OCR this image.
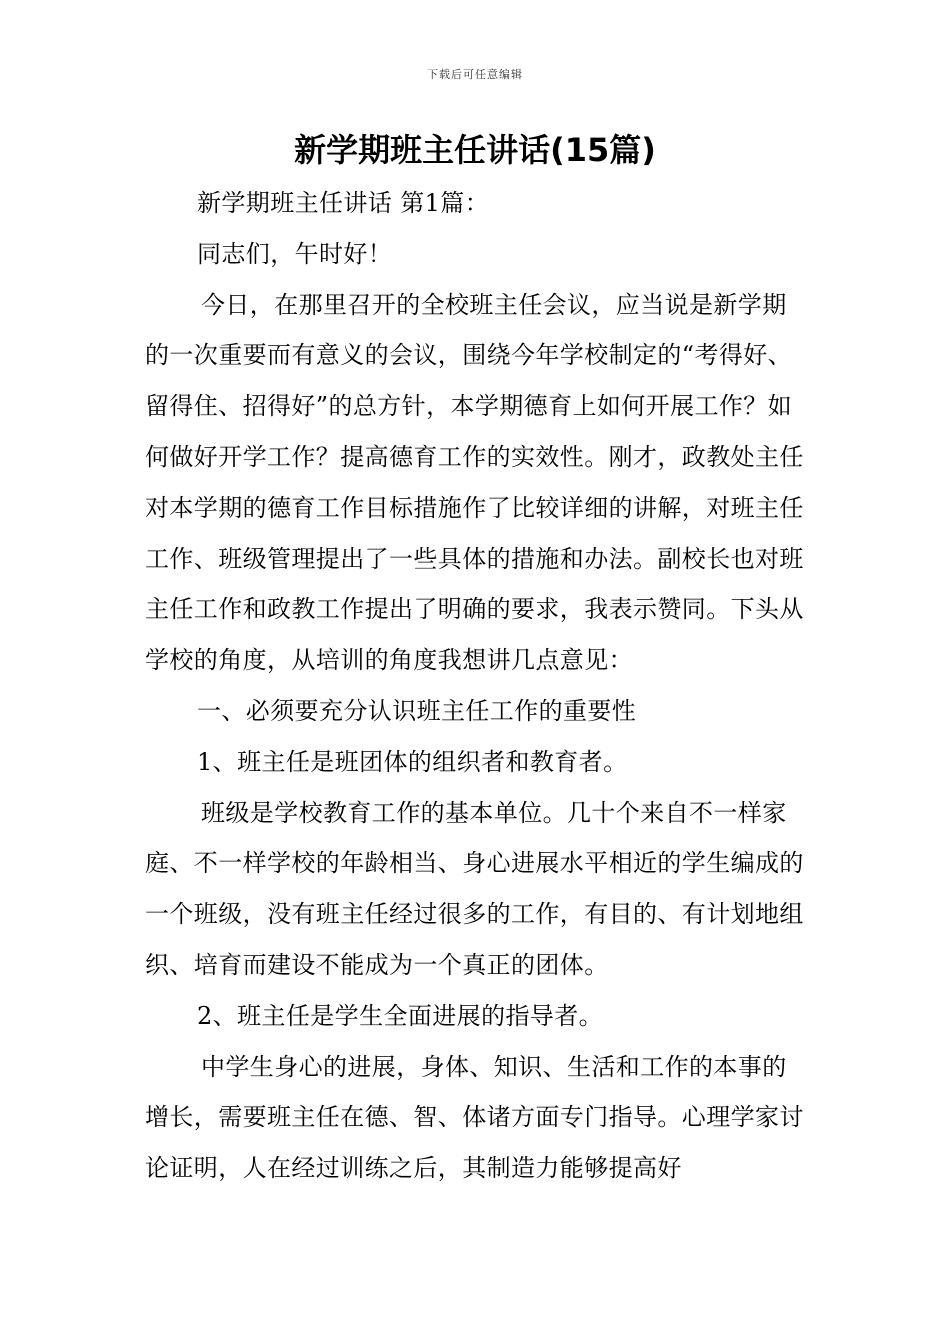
下载后可任意编辑
新学期班主任讲话(15篇)

新学期班主任讲话 第1篇：

同志们，午时好！

今日，在那里召开的全校班主任会议，应当说是新学期的一次重要而有意义的会议，围绕今年学校制定的“考得好、留得住、招得好”的总方针，本学期德育上如何开展工作？如何做好开学工作？提高德育工作的实效性。刚才，政教处主任对本学期的德育工作目标措施作了比较详细的讲解，对班主任工作、班级管理提出了一些具体的措施和办法。副校长也对班主任工作和政教工作提出了明确的要求，我表示赞同。下头从学校的角度，从培训的角度我想讲几点意见：

一、必须要充分认识班主任工作的重要性

1、班主任是班团体的组织者和教育者。

班级是学校教育工作的基本单位。几十个来自不一样家庭、不一样学校的年龄相当、身心进展水平相近的学生编成的一个班级，没有班主任经过很多的工作，有目的、有计划地组织、培育而建设不能成为一个真正的团体。

2、班主任是学生全面进展的指导者。

中学生身心的进展，身体、知识、生活和工作的本事的增长，需要班主任在德、智、体诸方面专门指导。心理学家讨论证明，人在经过训练之后，其制造力能够提高好
